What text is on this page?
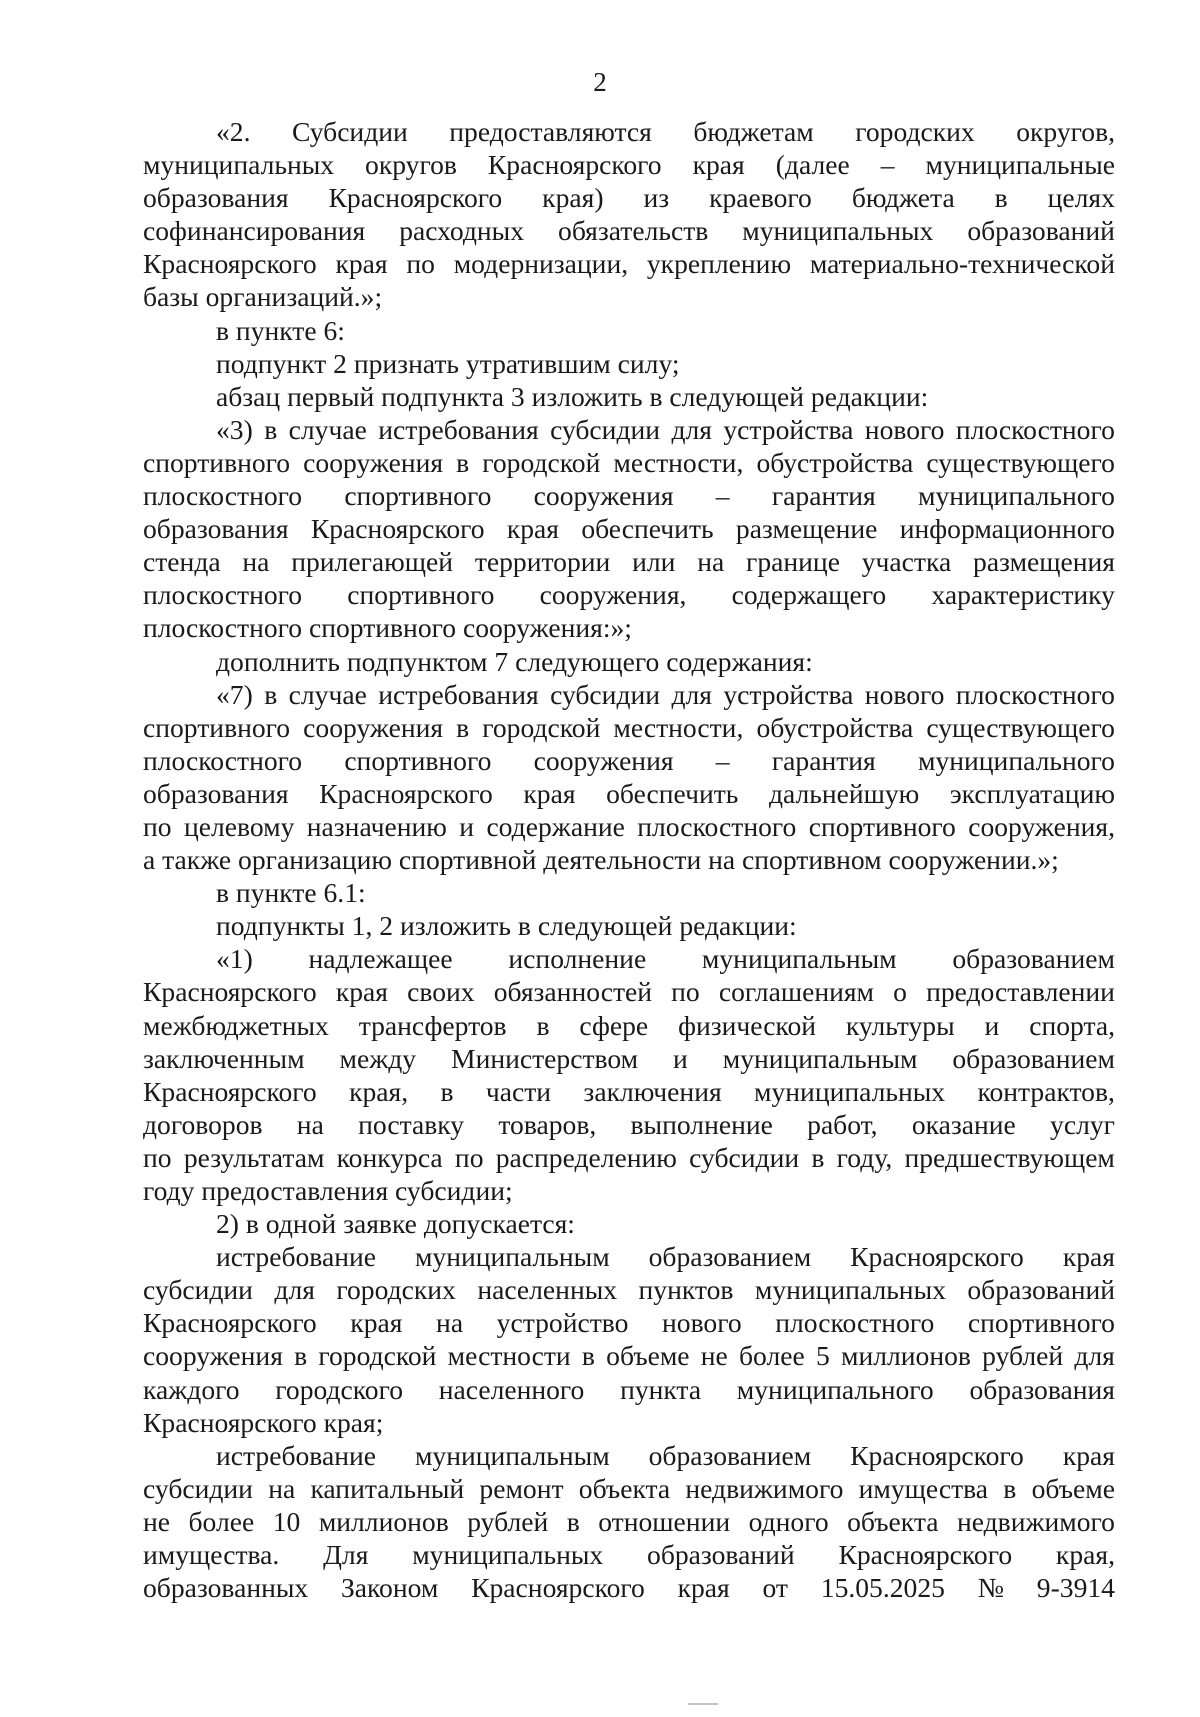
2
«2. Субсидии предоставляются бюджетам городских округов,
муниципальных округов Красноярского края (далее – муниципальные
образования Красноярского края) из краевого бюджета в целях
софинансирования расходных обязательств муниципальных образований
Красноярского края по модернизации, укреплению материально-технической
базы организаций.»;
в пункте 6:
подпункт 2 признать утратившим силу;
абзац первый подпункта 3 изложить в следующей редакции:
«3) в случае истребования субсидии для устройства нового плоскостного
спортивного сооружения в городской местности, обустройства существующего
плоскостного спортивного сооружения – гарантия муниципального
образования Красноярского края обеспечить размещение информационного
стенда на прилегающей территории или на границе участка размещения
плоскостного спортивного сооружения, содержащего характеристику
плоскостного спортивного сооружения:»;
дополнить подпунктом 7 следующего содержания:
«7) в случае истребования субсидии для устройства нового плоскостного
спортивного сооружения в городской местности, обустройства существующего
плоскостного спортивного сооружения – гарантия муниципального
образования Красноярского края обеспечить дальнейшую эксплуатацию
по целевому назначению и содержание плоскостного спортивного сооружения,
а также организацию спортивной деятельности на спортивном сооружении.»;
в пункте 6.1:
подпункты 1, 2 изложить в следующей редакции:
«1) надлежащее исполнение муниципальным образованием
Красноярского края своих обязанностей по соглашениям о предоставлении
межбюджетных трансфертов в сфере физической культуры и спорта,
заключенным между Министерством и муниципальным образованием
Красноярского края, в части заключения муниципальных контрактов,
договоров на поставку товаров, выполнение работ, оказание услуг
по результатам конкурса по распределению субсидии в году, предшествующем
году предоставления субсидии;
2) в одной заявке допускается:
истребование муниципальным образованием Красноярского края
субсидии для городских населенных пунктов муниципальных образований
Красноярского края на устройство нового плоскостного спортивного
сооружения в городской местности в объеме не более 5 миллионов рублей для
каждого городского населенного пункта муниципального образования
Красноярского края;
истребование муниципальным образованием Красноярского края
субсидии на капитальный ремонт объекта недвижимого имущества в объеме
не более 10 миллионов рублей в отношении одного объекта недвижимого
имущества. Для муниципальных образований Красноярского края,
образованных Законом Красноярского края от 15.05.2025 № 9-3914
